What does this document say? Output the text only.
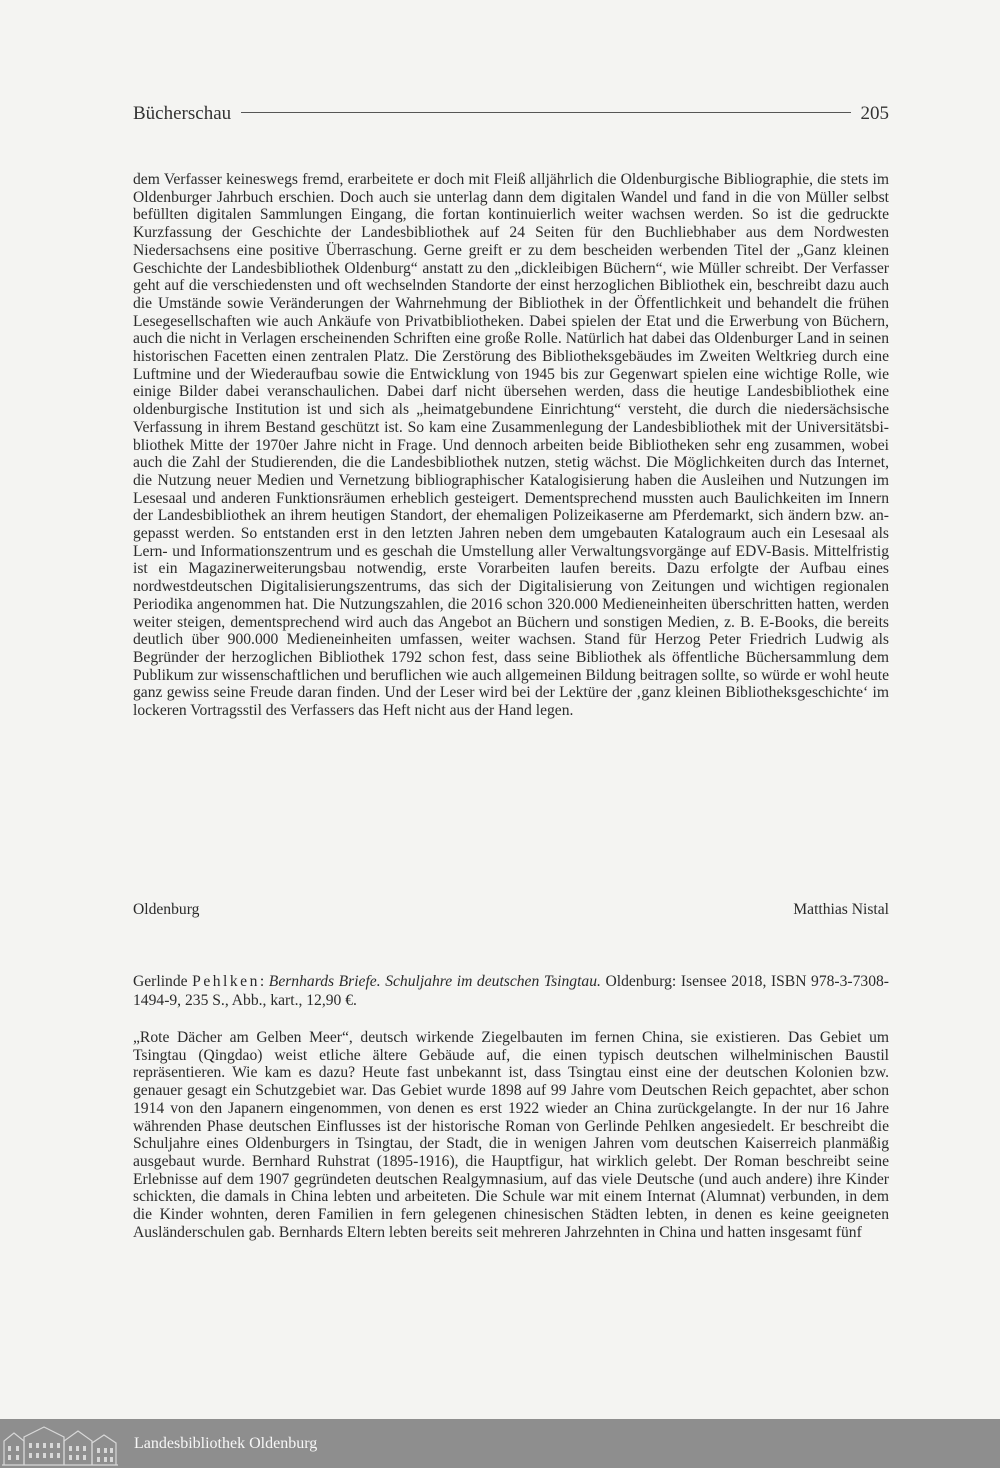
Bücherschau	205
dem Verfasser keineswegs fremd, erarbeitete er doch mit Fleiß alljährlich die Oldenburgische Bibliographie, die stets im Oldenburger Jahrbuch erschien. Doch auch sie unterlag dann dem digitalen Wandel und fand in die von Müller selbst befüllten digitalen Sammlungen Eingang, die fortan kontinuierlich weiter wachsen werden. So ist die gedruckte Kurzfassung der Geschichte der Landesbibliothek auf 24 Seiten für den Buchliebhaber aus dem Nordwesten Niedersachsens eine positive Überraschung. Gerne greift er zu dem bescheiden werbenden Titel der „Ganz kleinen Geschichte der Landesbibliothek Oldenburg“ anstatt zu den „dickleibigen Büchern“, wie Müller schreibt. Der Verfasser geht auf die verschiedensten und oft wechselnden Standorte der einst herzoglichen Bibliothek ein, beschreibt dazu auch die Umstände sowie Veränderungen der Wahrnehmung der Bibliothek in der Öffentlichkeit und behandelt die frühen Lesegesellschaften wie auch Ankäufe von Privatbibliotheken. Dabei spielen der Etat und die Erwerbung von Büchern, auch die nicht in Verlagen erscheinenden Schriften eine große Rolle. Natürlich hat dabei das Oldenburger Land in seinen historischen Facetten einen zentralen Platz. Die Zerstörung des Bibliotheksgebäudes im Zweiten Weltkrieg durch eine Luftmine und der Wiederaufbau sowie die Entwicklung von 1945 bis zur Gegenwart spielen eine wichtige Rolle, wie einige Bilder dabei veranschaulichen. Dabei darf nicht übersehen werden, dass die heutige Landesbibliothek eine oldenburgische Institution ist und sich als „heimatgebundene Einrichtung“ versteht, die durch die niedersächsische Verfassung in ihrem Bestand geschützt ist. So kam eine Zusammenlegung der Landesbibliothek mit der Universitätsbibliothek Mitte der 1970er Jahre nicht in Frage. Und dennoch arbeiten beide Bibliotheken sehr eng zusammen, wobei auch die Zahl der Studierenden, die die Landesbibliothek nutzen, stetig wächst. Die Möglichkeiten durch das Internet, die Nutzung neuer Medien und Vernetzung bibliographischer Katalogisierung haben die Ausleihen und Nutzungen im Lesesaal und anderen Funktionsräumen erheblich gesteigert. Dementsprechend mussten auch Baulichkeiten im Innern der Landesbibliothek an ihrem heutigen Standort, der ehemaligen Polizeikaserne am Pferdemarkt, sich ändern bzw. angepasst werden. So entstanden erst in den letzten Jahren neben dem umgebauten Katalograum auch ein Lesesaal als Lern- und Informationszentrum und es geschah die Umstellung aller Verwaltungsvorgänge auf EDV-Basis. Mittelfristig ist ein Magazinerweiterungsbau notwendig, erste Vorarbeiten laufen bereits. Dazu erfolgte der Aufbau eines nordwestdeutschen Digitalisierungszentrums, das sich der Digitalisierung von Zeitungen und wichtigen regionalen Periodika angenommen hat. Die Nutzungszahlen, die 2016 schon 320.000 Medieneinheiten überschritten hatten, werden weiter steigen, dementsprechend wird auch das Angebot an Büchern und sonstigen Medien, z. B. E-Books, die bereits deutlich über 900.000 Medieneinheiten umfassen, weiter wachsen. Stand für Herzog Peter Friedrich Ludwig als Begründer der herzoglichen Bibliothek 1792 schon fest, dass seine Bibliothek als öffentliche Büchersammlung dem Publikum zur wissenschaftlichen und beruflichen wie auch allgemeinen Bildung beitragen sollte, so würde er wohl heute ganz gewiss seine Freude daran finden. Und der Leser wird bei der Lektüre der ‚ganz kleinen Bibliotheksgeschichte‘ im lockeren Vortragsstil des Verfassers das Heft nicht aus der Hand legen.
Oldenburg	Matthias Nistal
Gerlinde Pehlken: Bernhards Briefe. Schuljahre im deutschen Tsingtau. Oldenburg: Isensee 2018, ISBN 978-3-7308-1494-9, 235 S., Abb., kart., 12,90 €.
„Rote Dächer am Gelben Meer“, deutsch wirkende Ziegelbauten im fernen China, sie existieren. Das Gebiet um Tsingtau (Qingdao) weist etliche ältere Gebäude auf, die einen typisch deutschen wilhelminischen Baustil repräsentieren. Wie kam es dazu? Heute fast unbekannt ist, dass Tsingtau einst eine der deutschen Kolonien bzw. genauer gesagt ein Schutzgebiet war. Das Gebiet wurde 1898 auf 99 Jahre vom Deutschen Reich gepachtet, aber schon 1914 von den Japanern eingenommen, von denen es erst 1922 wieder an China zurückgelangte. In der nur 16 Jahre währenden Phase deutschen Einflusses ist der historische Roman von Gerlinde Pehlken angesiedelt. Er beschreibt die Schuljahre eines Oldenburgers in Tsingtau, der Stadt, die in wenigen Jahren vom deutschen Kaiserreich planmäßig ausgebaut wurde. Bernhard Ruhstrat (1895-1916), die Hauptfigur, hat wirklich gelebt. Der Roman beschreibt seine Erlebnisse auf dem 1907 gegründeten deutschen Realgymnasium, auf das viele Deutsche (und auch andere) ihre Kinder schickten, die damals in China lebten und arbeiteten. Die Schule war mit einem Internat (Alumnat) verbunden, in dem die Kinder wohnten, deren Familien in fern gelegenen chinesischen Städten lebten, in denen es keine geeigneten Ausländerschulen gab. Bernhards Eltern lebten bereits seit mehreren Jahrzehnten in China und hatten insgesamt fünf
Landesbibliothek Oldenburg
